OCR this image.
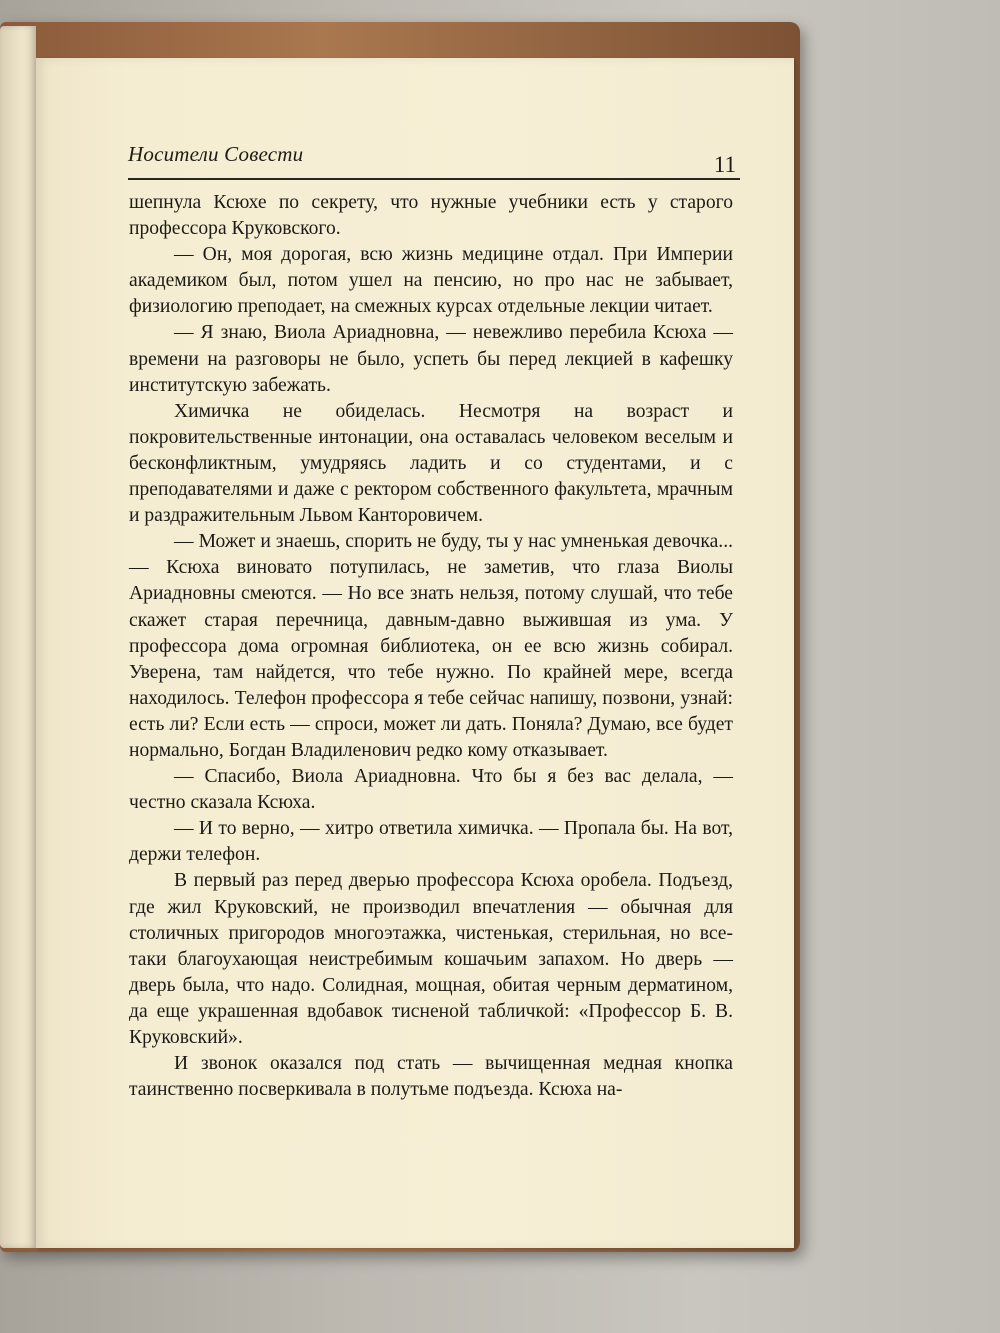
Носители Совести	11

шепнула Ксюхе по секрету, что нужные учебники есть у старого профессора Круковского.

— Он, моя дорогая, всю жизнь медицине отдал. При Империи академиком был, потом ушел на пенсию, но про нас не забывает, физиологию преподает, на смежных курсах отдельные лекции читает.

— Я знаю, Виола Ариадновна, — невежливо перебила Ксюха — времени на разговоры не было, успеть бы перед лекцией в кафешку институтскую забежать.

Химичка не обиделась. Несмотря на возраст и покровительственные интонации, она оставалась человеком веселым и бесконфликтным, умудряясь ладить и со студентами, и с преподавателями и даже с ректором собственного факультета, мрачным и раздражительным Львом Канторовичем.

— Может и знаешь, спорить не буду, ты у нас умненькая девочка... — Ксюха виновато потупилась, не заметив, что глаза Виолы Ариадновны смеются. — Но все знать нельзя, потому слушай, что тебе скажет старая перечница, давным-давно выжившая из ума. У профессора дома огромная библиотека, он ее всю жизнь собирал. Уверена, там найдется, что тебе нужно. По крайней мере, всегда находилось. Телефон профессора я тебе сейчас напишу, позвони, узнай: есть ли? Если есть — спроси, может ли дать. Поняла? Думаю, все будет нормально, Богдан Владиленович редко кому отказывает.

— Спасибо, Виола Ариадновна. Что бы я без вас делала, — честно сказала Ксюха.

— И то верно, — хитро ответила химичка. — Пропала бы. На вот, держи телефон.

В первый раз перед дверью профессора Ксюха оробела. Подъезд, где жил Круковский, не производил впечатления — обычная для столичных пригородов многоэтажка, чистенькая, стерильная, но все-таки благоухающая неистребимым кошачьим запахом. Но дверь — дверь была, что надо. Солидная, мощная, обитая черным дерматином, да еще украшенная вдобавок тисненой табличкой: «Профессор Б. В. Круковский».

И звонок оказался под стать — вычищенная медная кнопка таинственно посверкивала в полутьме подъезда. Ксюха на-
